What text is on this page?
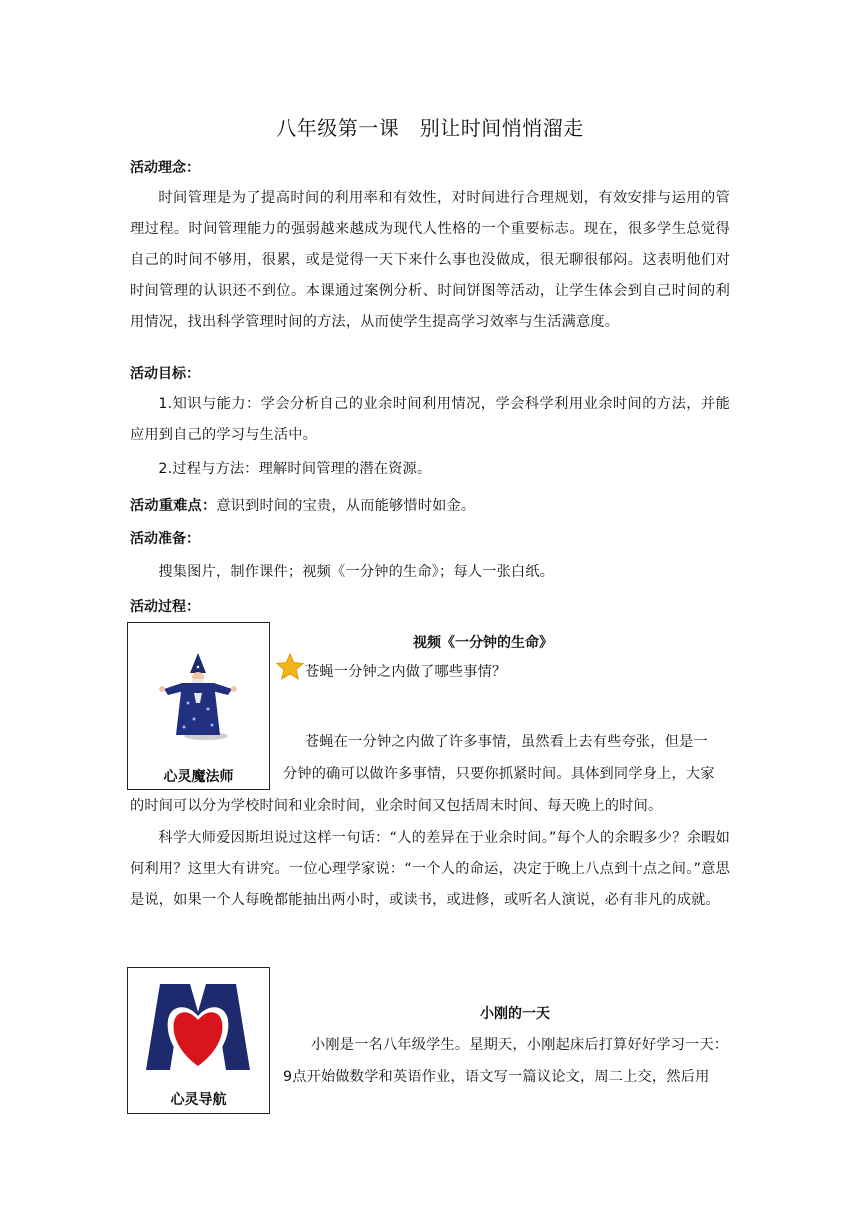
八年级第一课　别让时间悄悄溜走
活动理念：
时间管理是为了提高时间的利用率和有效性，对时间进行合理规划，有效安排与运用的管理过程。时间管理能力的强弱越来越成为现代人性格的一个重要标志。现在，很多学生总觉得自己的时间不够用，很累，或是觉得一天下来什么事也没做成，很无聊很郁闷。这表明他们对时间管理的认识还不到位。本课通过案例分析、时间饼图等活动，让学生体会到自己时间的利用情况，找出科学管理时间的方法，从而使学生提高学习效率与生活满意度。
活动目标：
1.知识与能力：学会分析自己的业余时间利用情况，学会科学利用业余时间的方法，并能应用到自己的学习与生活中。
2.过程与方法：理解时间管理的潜在资源。
活动重难点：意识到时间的宝贵，从而能够惜时如金。
活动准备：
搜集图片，制作课件；视频《一分钟的生命》；每人一张白纸。
活动过程：
心灵魔法师
视频《一分钟的生命》
苍蝇一分钟之内做了哪些事情？
苍蝇在一分钟之内做了许多事情，虽然看上去有些夸张，但是一
分钟的确可以做许多事情，只要你抓紧时间。具体到同学身上，大家
的时间可以分为学校时间和业余时间，业余时间又包括周末时间、每天晚上的时间。
科学大师爱因斯坦说过这样一句话：“人的差异在于业余时间。”每个人的余暇多少？余暇如何利用？这里大有讲究。一位心理学家说：“一个人的命运，决定于晚上八点到十点之间。”意思是说，如果一个人每晚都能抽出两小时，或读书，或进修，或听名人演说，必有非凡的成就。
心灵导航
小刚的一天
小刚是一名八年级学生。星期天，小刚起床后打算好好学习一天：
9点开始做数学和英语作业，语文写一篇议论文，周二上交，然后用
